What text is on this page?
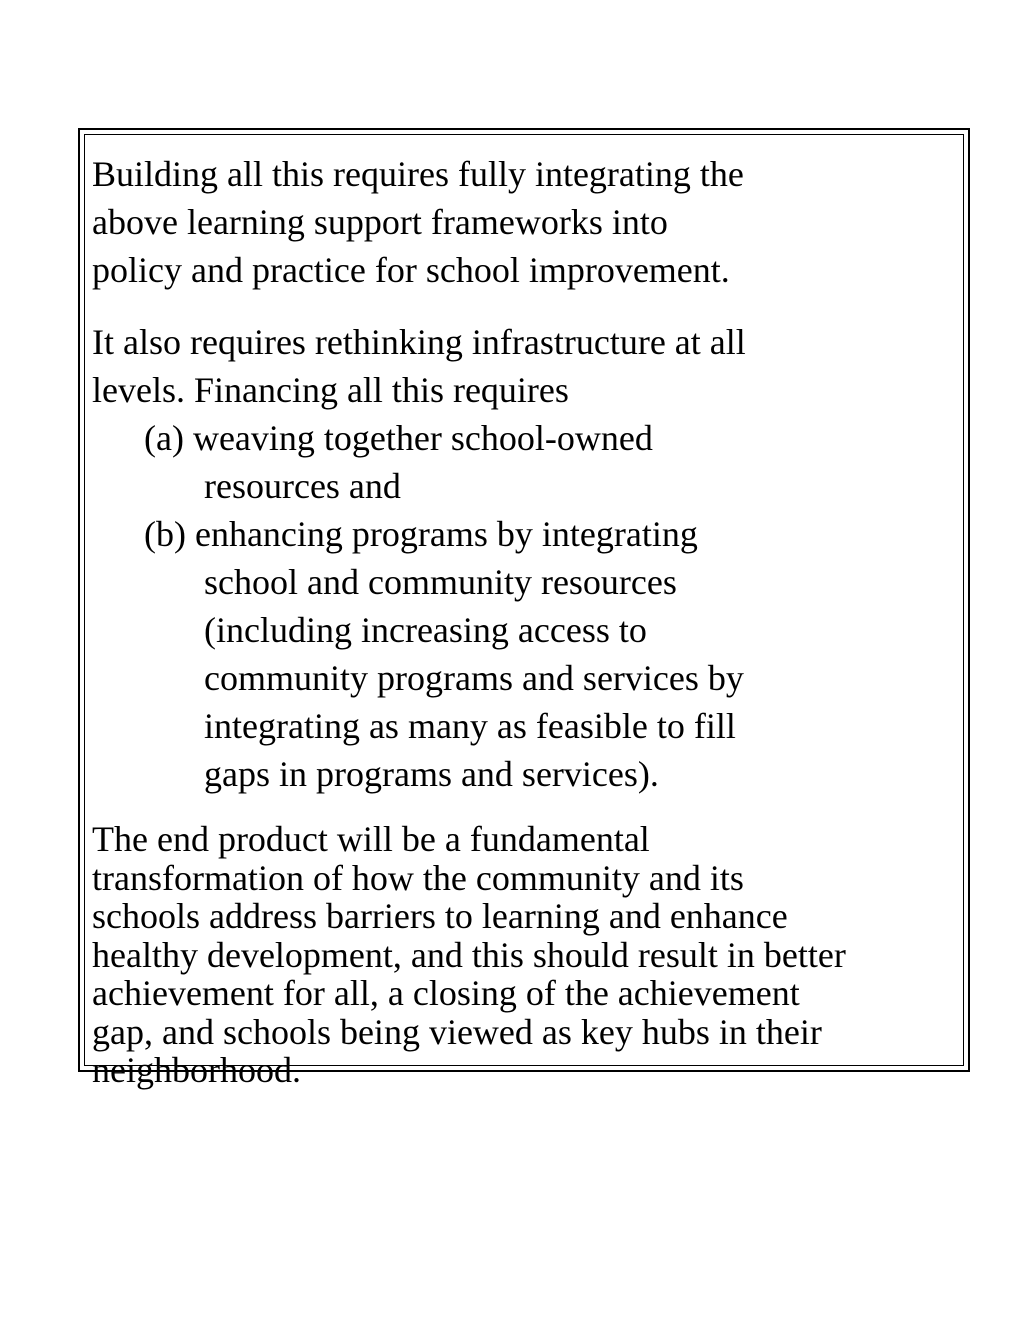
Building all this requires fully integrating the
above learning support frameworks into
policy and practice for school improvement.
It also requires rethinking infrastructure at all
levels. Financing all this requires
(a) weaving together school-owned
resources and
(b) enhancing programs by integrating
school and community resources
(including increasing access to
community programs and services by
integrating as many as feasible to fill
gaps in programs and services).
The end product will be a fundamental
transformation of how the community and its
schools address barriers to learning and enhance
healthy development, and this should result in better
achievement for all, a closing of the achievement
gap, and schools being viewed as key hubs in their
neighborhood.
